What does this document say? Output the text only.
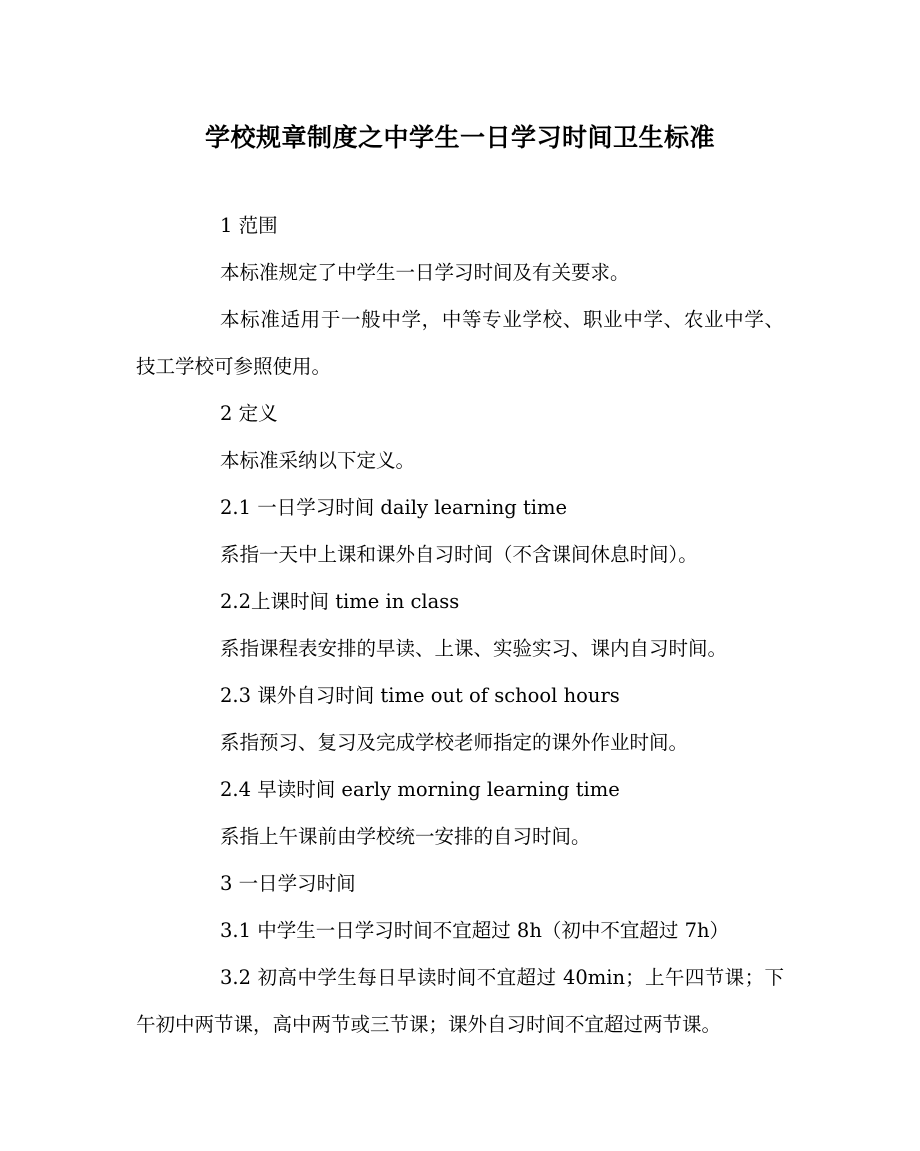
学校规章制度之中学生一日学习时间卫生标准

1 范围

本标准规定了中学生一日学习时间及有关要求。

本标准适用于一般中学，中等专业学校、职业中学、农业中学、技工学校可参照使用。

2 定义

本标准采纳以下定义。

2.1 一日学习时间 daily learning time

系指一天中上课和课外自习时间（不含课间休息时间）。

2.2上课时间 time in class

系指课程表安排的早读、上课、实验实习、课内自习时间。

2.3 课外自习时间 time out of school hours

系指预习、复习及完成学校老师指定的课外作业时间。

2.4 早读时间 early morning learning time

系指上午课前由学校统一安排的自习时间。

3 一日学习时间

3.1 中学生一日学习时间不宜超过 8h（初中不宜超过 7h）

3.2 初高中学生每日早读时间不宜超过 40min；上午四节课；下午初中两节课，高中两节或三节课；课外自习时间不宜超过两节课。
